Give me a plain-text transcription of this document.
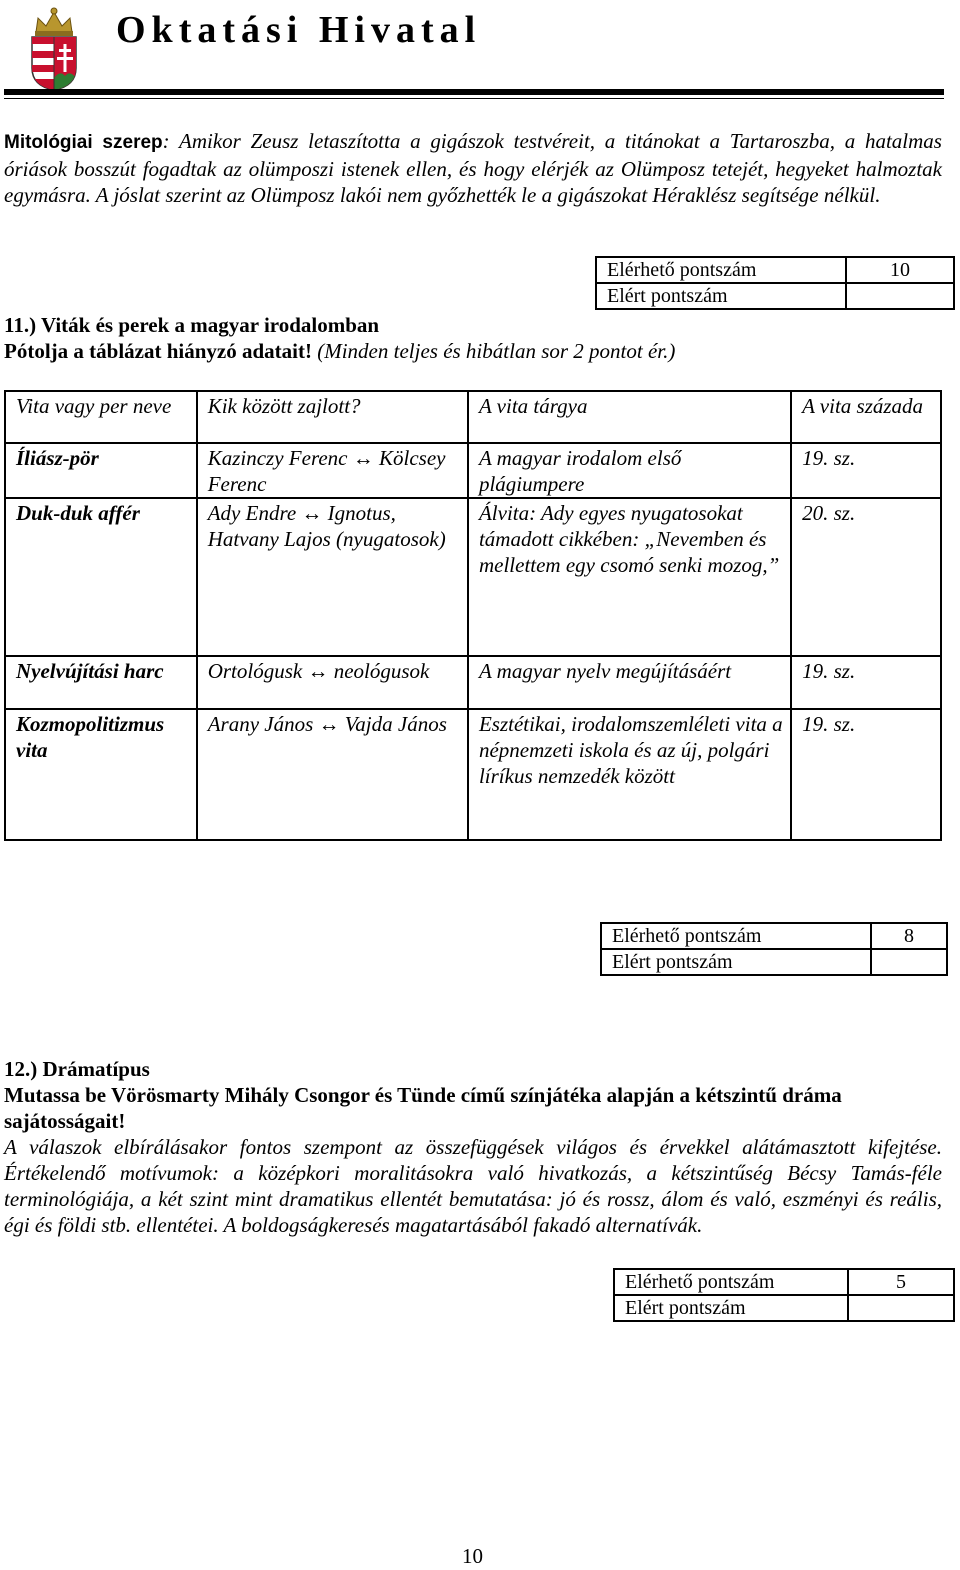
Oktatási Hivatal

Mitológiai szerep: Amikor Zeusz letaszította a gigászok testvéreit, a titánokat a Tartaroszba, a hatalmas óriások bosszút fogadtak az olümposzi istenek ellen, és hogy elérjék az Olümposz tetejét, hegyeket halmoztak egymásra. A jóslat szerint az Olümposz lakói nem győzhették le a gigászokat Héraklész segítsége nélkül.

Elérhető pontszám	10
Elért pontszám	
11.) Viták és perek a magyar irodalomban
Pótolja a táblázat hiányzó adatait! (Minden teljes és hibátlan sor 2 pontot ér.)
Vita vagy per neve	Kik között zajlott?	A vita tárgya	A vita százada
Íliász-pör	Kazinczy Ferenc ↔ Kölcsey Ferenc	A magyar irodalom első plágiumpere	19. sz.
Duk-duk affér	Ady Endre ↔ Ignotus, Hatvany Lajos (nyugatosok)	Álvita: Ady egyes nyugatosokat támadott cikkében: „Nevemben és mellettem egy csomó senki mozog,”	20. sz.
Nyelvújítási harc	Ortológusk ↔ neológusok	A magyar nyelv megújításáért	19. sz.
Kozmopolitizmus vita	Arany János ↔ Vajda János	Esztétikai, irodalomszemléleti vita a népnemzeti iskola és az új, polgári líríkus nemzedék között	19. sz.
Elérhető pontszám	8
Elért pontszám	
12.) Drámatípus

Mutassa be Vörösmarty Mihály Csongor és Tünde című színjátéka alapján a kétszintű dráma sajátosságait!

A válaszok elbírálásakor fontos szempont az összefüggések világos és érvekkel alátámasztott kifejtése. Értékelendő motívumok: a középkori moralitásokra való hivatkozás, a kétszintűség Bécsy Tamás-féle terminológiája, a két szint mint dramatikus ellentét bemutatása: jó és rossz, álom és való, eszményi és reális, égi és földi stb. ellentétei. A boldogságkeresés magatartásából fakadó alternatívák.

Elérhető pontszám	5
Elért pontszám	
10
